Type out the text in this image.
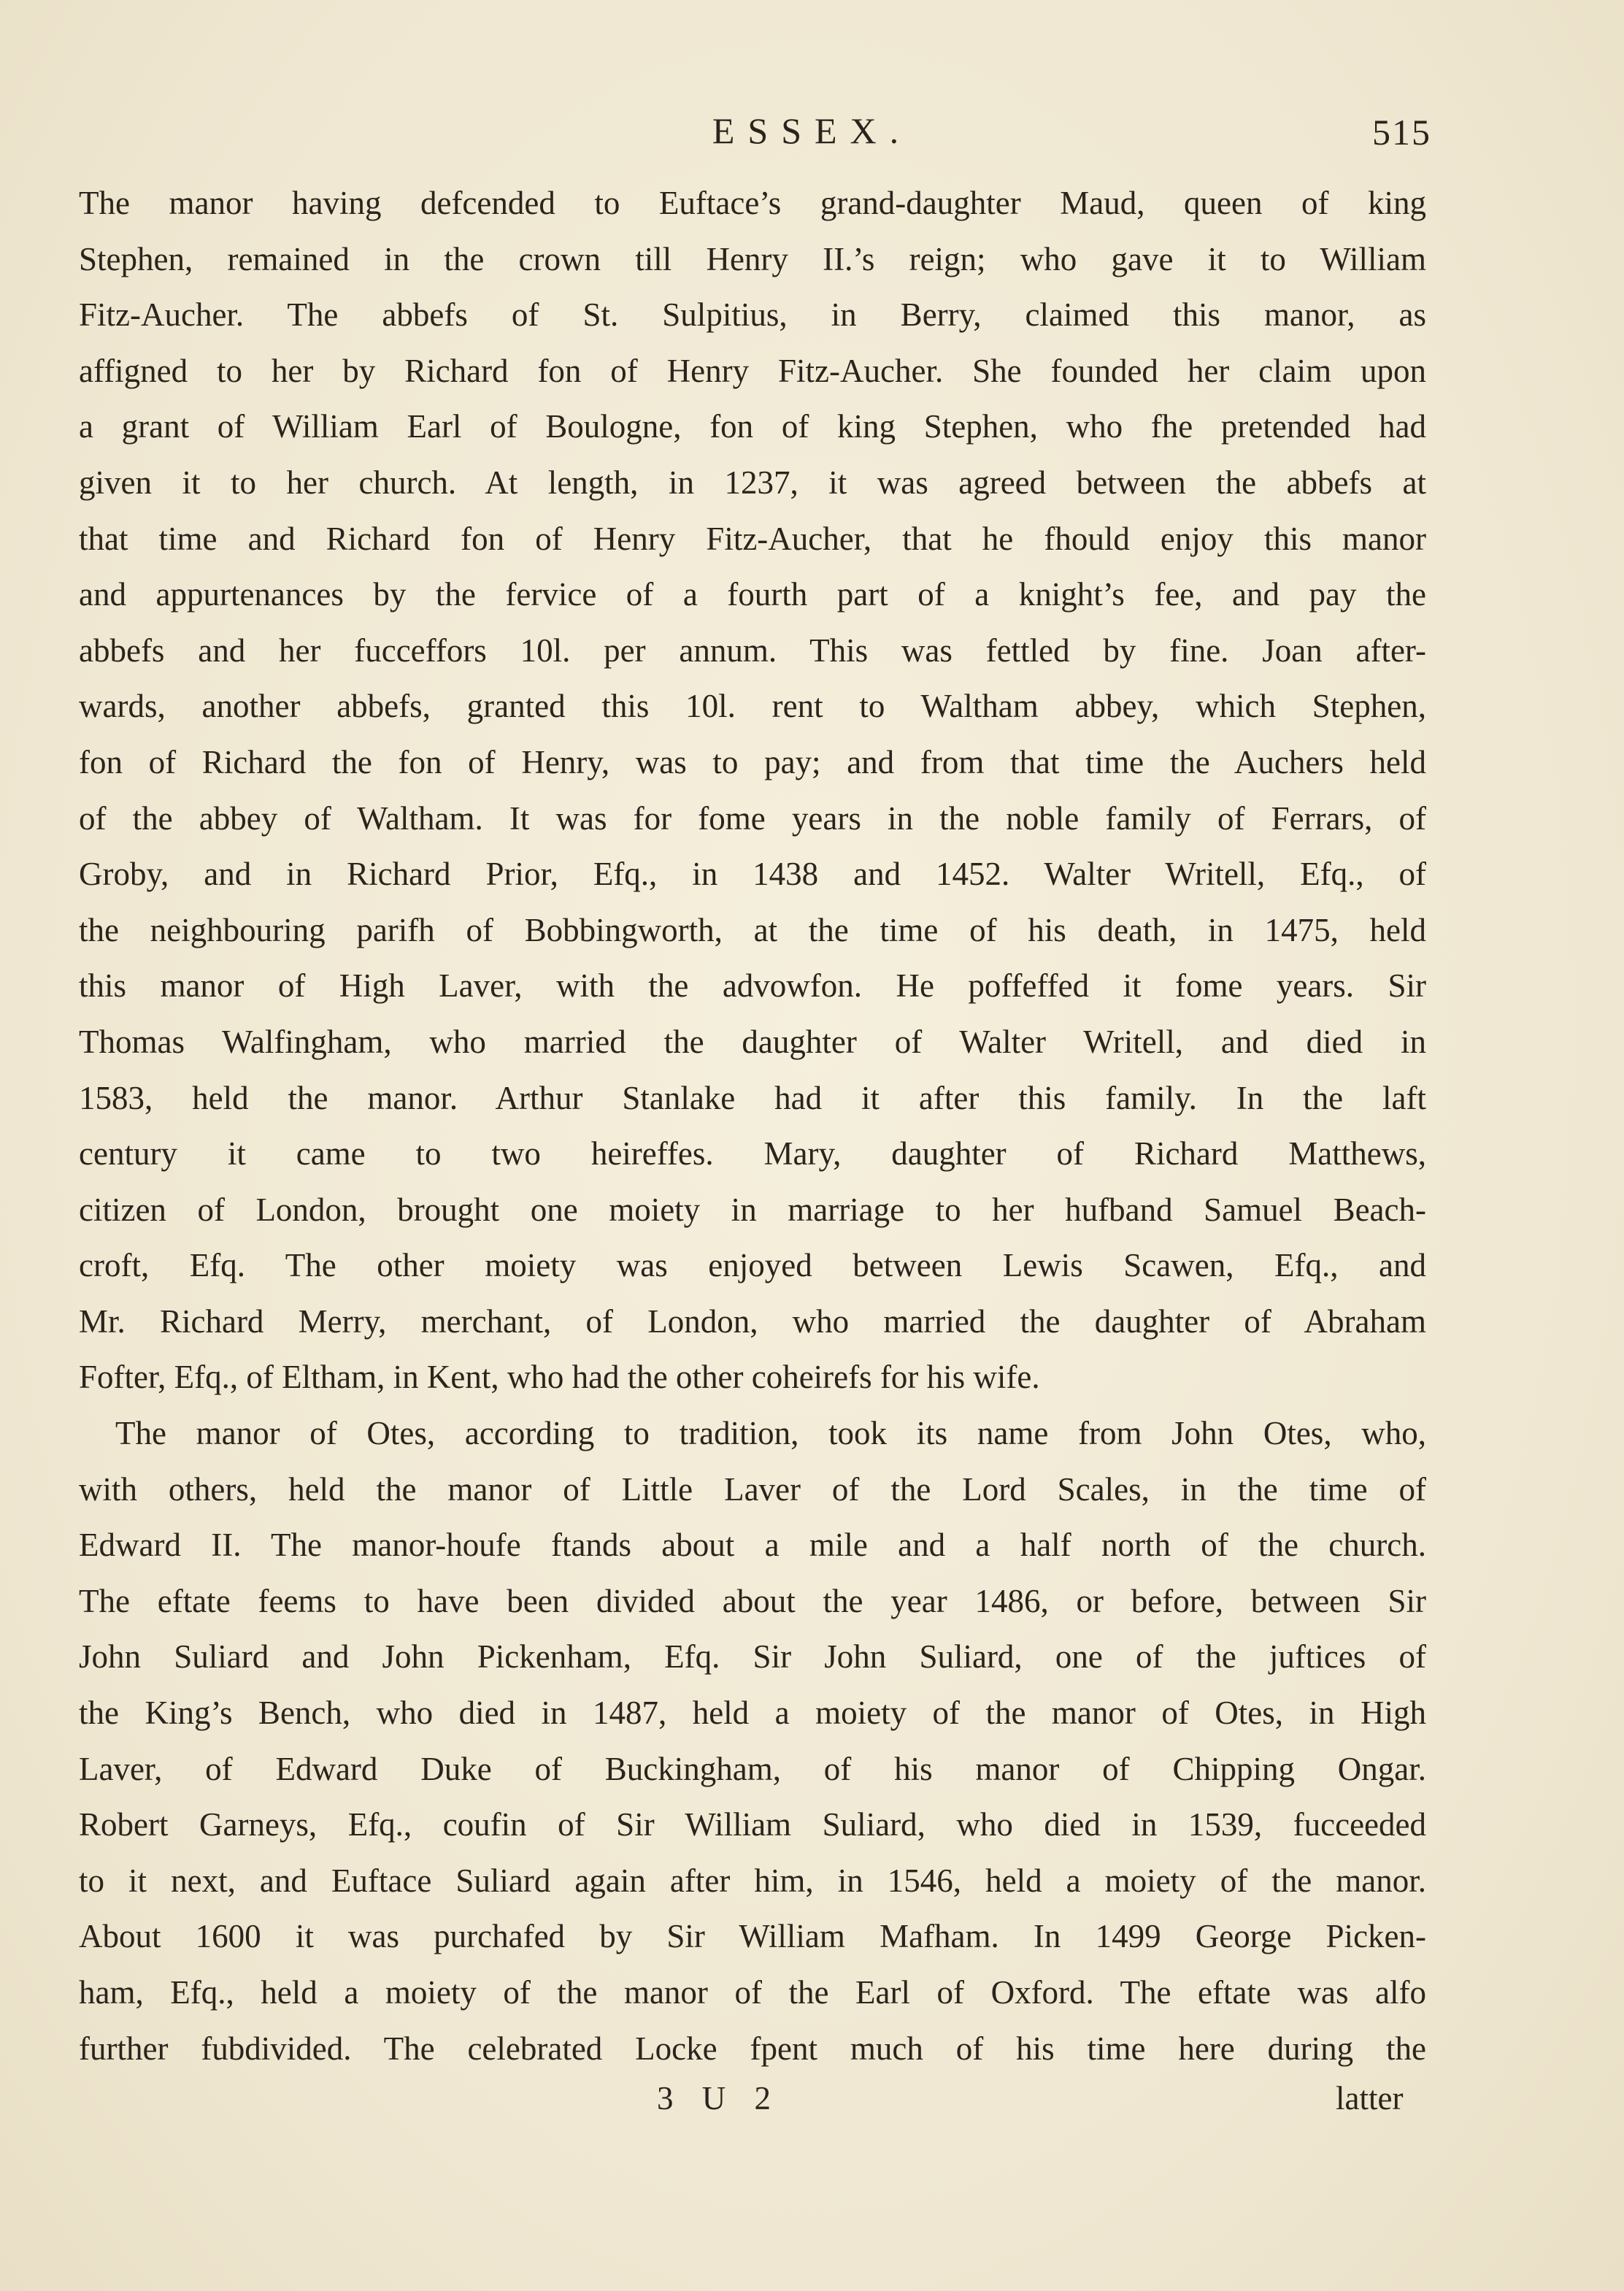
ESSEX.	515
The manor having defcended to Euftace’s grand-daughter Maud, queen of king
Stephen, remained in the crown till Henry II.’s reign; who gave it to William
Fitz-Aucher. The abbefs of St. Sulpitius, in Berry, claimed this manor, as
affigned to her by Richard fon of Henry Fitz-Aucher. She founded her claim upon
a grant of William Earl of Boulogne, fon of king Stephen, who fhe pretended had
given it to her church. At length, in 1237, it was agreed between the abbefs at
that time and Richard fon of Henry Fitz-Aucher, that he fhould enjoy this manor
and appurtenances by the fervice of a fourth part of a knight’s fee, and pay the
abbefs and her fucceffors 10l. per annum. This was fettled by fine. Joan after-
wards, another abbefs, granted this 10l. rent to Waltham abbey, which Stephen,
fon of Richard the fon of Henry, was to pay; and from that time the Auchers held
of the abbey of Waltham. It was for fome years in the noble family of Ferrars, of
Groby, and in Richard Prior, Efq., in 1438 and 1452. Walter Writell, Efq., of
the neighbouring parifh of Bobbingworth, at the time of his death, in 1475, held
this manor of High Laver, with the advowfon. He poffeffed it fome years. Sir
Thomas Walfingham, who married the daughter of Walter Writell, and died in
1583, held the manor. Arthur Stanlake had it after this family. In the laft
century it came to two heireffes. Mary, daughter of Richard Matthews,
citizen of London, brought one moiety in marriage to her hufband Samuel Beach-
croft, Efq. The other moiety was enjoyed between Lewis Scawen, Efq., and
Mr. Richard Merry, merchant, of London, who married the daughter of Abraham
Fofter, Efq., of Eltham, in Kent, who had the other coheirefs for his wife.
The manor of Otes, according to tradition, took its name from John Otes, who,
with others, held the manor of Little Laver of the Lord Scales, in the time of
Edward II. The manor-houfe ftands about a mile and a half north of the church.
The eftate feems to have been divided about the year 1486, or before, between Sir
John Suliard and John Pickenham, Efq. Sir John Suliard, one of the juftices of
the King’s Bench, who died in 1487, held a moiety of the manor of Otes, in High
Laver, of Edward Duke of Buckingham, of his manor of Chipping Ongar.
Robert Garneys, Efq., coufin of Sir William Suliard, who died in 1539, fucceeded
to it next, and Euftace Suliard again after him, in 1546, held a moiety of the manor.
About 1600 it was purchafed by Sir William Mafham. In 1499 George Picken-
ham, Efq., held a moiety of the manor of the Earl of Oxford. The eftate was alfo
further fubdivided. The celebrated Locke fpent much of his time here during the
3 U 2	latter
